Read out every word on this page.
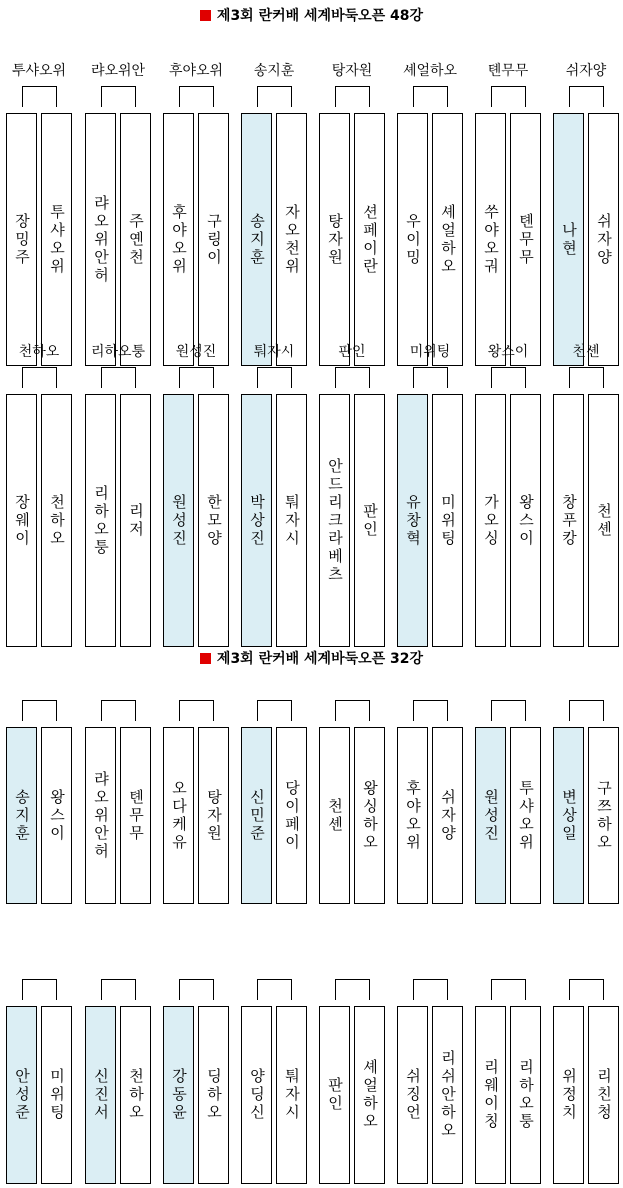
제3회 란커배 세계바둑오픈 48강
투샤오위
장밍주 투샤오위
랴오위안
랴오위안허 주옌천
후야오위
후야오위 구링이
송지훈
송지훈 자오천위
탕자원
탕자원 션페이란
셰얼하오
우이밍 셰얼하오
톈무무
쑤야오궈 톈무무
쉬자양
나현 쉬자양
천하오
장웨이 천하오
리하오퉁
리하오퉁 리저
원성진
원성진 한모양
퉈자시
박상진 퉈자시
판인
안드리크라베츠 판인
미위팅
유창혁 미위팅
왕스이
가오싱 왕스이
천셴
창푸캉 천셴
제3회 란커배 세계바둑오픈 32강
송지훈 왕스이 랴오위안허 톈무무 오다케유 탕자원 신민준 당이페이 천셴 왕싱하오 후야오위 쉬자양 원성진 투샤오위 변상일 구쯔하오
안성준 미위팅 신진서 천하오 강동윤 딩하오 양딩신 퉈자시 판인 셰얼하오 쉬징언 리쉬안하오 리웨이칭 리하오퉁 위정치 리친청
